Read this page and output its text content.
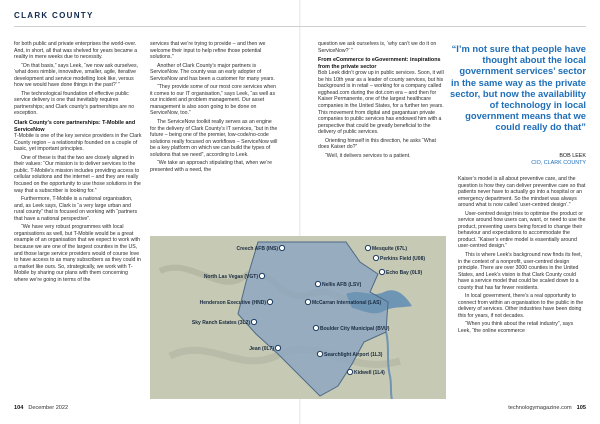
CLARK COUNTY

for both public and private enterprises the world-over. And, in short, all that was shelved for years became a reality in mere weeks due to necessity.

“On that basis,” says Leek, “we now ask ourselves, ‘what does nimble, innovative, smaller, agile, iterative development and service modelling look like, versus how we would have done things in the past?’ ”

The technological foundation of effective public service delivery is one that inevitably requires partnerships; and Clark county’s partnerships are no exception.

Clark County’s core partnerships: T-Mobile and ServiceNow

T-Mobile is one of the key service providers in the Clark County region – a relationship founded on a couple of basic, yet important principles.

One of these is that the two are closely aligned in their values: “Our mission is to deliver services to the public. T-Mobile’s mission includes providing access to cellular solutions and the internet – and they are really focused on the opportunity to use those solutions in the way that a subscriber is looking for.”

Furthermore, T-Mobile is a national organisation, and, as Leek says, Clark is “a very large urban and rural county” that is focused on working with “partners that have a national perspective”.

“We have very robust programmes with local organisations as well, but T-Mobile would be a great example of an organisation that we expect to work with because we are one of the largest counties in the US, and those large service providers would of course love to have access to as many subscribers as they could in a market like ours. So, strategically, we work with T-Mobile by sharing our plans with them concerning where we’re going in terms of the

services that we’re trying to provide – and then we welcome their input to help refine those potential solutions.”

Another of Clark County’s major partners is ServiceNow. The county was an early adopter of ServiceNow and has been a customer for many years.

“They provide some of our most core services when it comes to our IT organisation,” says Leek, “as well as our incident and problem management. Our asset management is also soon going to be done on ServiceNow, too.”

The ServiceNow toolkit really serves as an engine for the delivery of Clark County’s IT services, “but in the future – being one of the premier, low-code/no-code solutions really focused on workflows – ServiceNow will be a key platform on which we can build the types of solutions that we need”, according to Leek.

“We take an approach stipulating that, when we’re presented with a need, the

question we ask ourselves is, ‘why can’t we do it on ServiceNow?’ ”

From eCommerce to eGovernment: inspirations from the private sector

Bob Leek didn’t grow up in public services. Soon, it will be his 10th year as a leader of county services, but his background is in retail – working for a company called egghead.com during the dot.com era – and then for Kaiser Permanente, one of the largest healthcare companies in the United States, for a further ten years. This movement from digital and gargantuan private companies to public services has endowed him with a perspective that could be greatly beneficial to the delivery of public services.

Orienting himself in this direction, he asks “What does Kaiser do?”

“Well, it delivers services to a patient.

Kaiser’s model is all about preventive care, and the question is how they can deliver preventive care so that patients never have to actually go into a hospital or an emergency department. So the mindset was always around what is now called ‘user-centred design’.”

User-centred design tries to optimise the product or service around how users can, want, or need to use the product, preventing users being forced to change their behaviour and expectations to accommodate the product. “Kaiser’s entire model is essentially around user-centred design.”

This is where Leek’s background now finds its feet, in the context of a nonprofit, user-centred design principle. There are over 3000 counties in the United States, and Leek’s vision is that Clark County could have a service model that could be scaled down to a county that has far fewer residents.

In local government, there’s a real opportunity to connect from within an organisation to the public in the delivery of services. Other industries have been doing this for years, if not decades.

“When you think about the retail industry”, says Leek, “the online ecommerce

“I’m not sure that people have thought about the local government services’ sector in the same way as the private sector, but now the availability of technology in local government means that we could really do that”
BOB LEEK
CIO, CLARK COUNTY
Creech AFB (INS)	Mesquite (67L)
North Las Vegas (VGT)
Perkins Field (U08)
Echo Bay (0L9)
Nellis AFB (LSV)
McCarran International (LAS)
Henderson Executive (HND)
Sky Ranch Estates (3L2)
Boulder City Municipal (BVU)
Jean (0L7)
Searchlight Airport (1L3)
Kidwell (1L4)
104 December 2022	technologymagazine.com 105
